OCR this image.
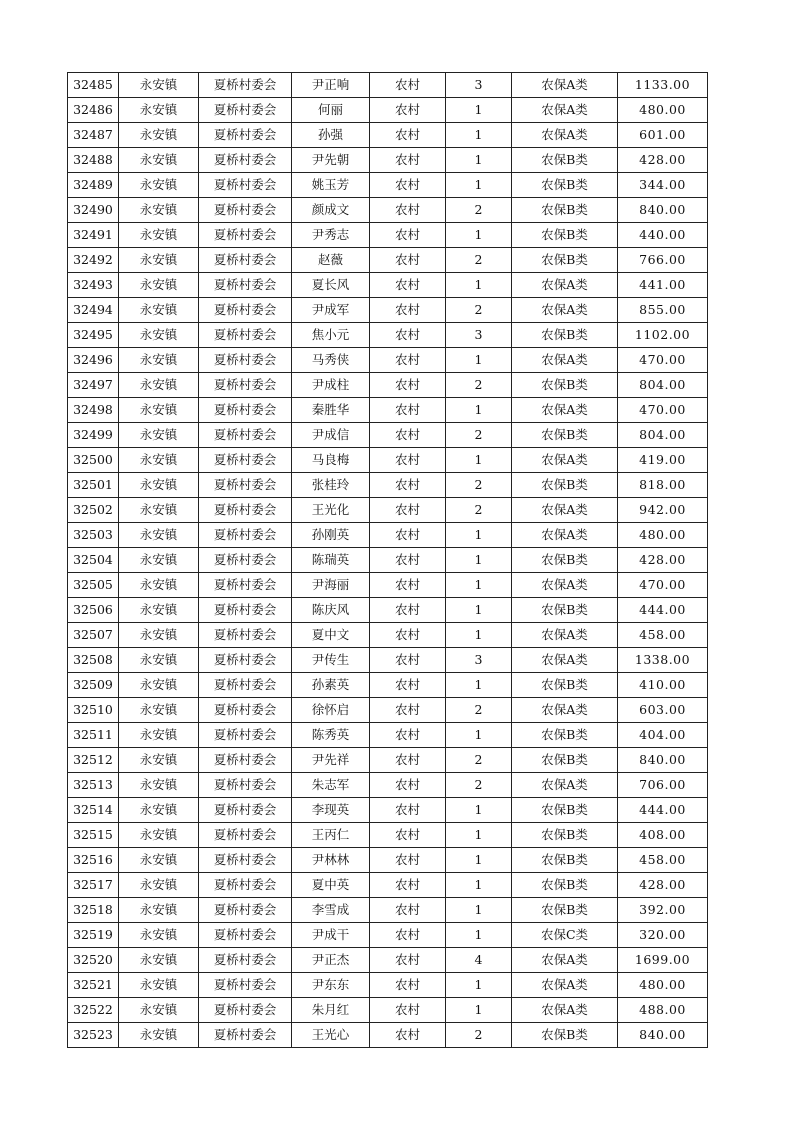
32485	永安镇	夏桥村委会	尹正响	农村	3	农保A类	1133.00
32486	永安镇	夏桥村委会	何丽	农村	1	农保A类	480.00
32487	永安镇	夏桥村委会	孙强	农村	1	农保A类	601.00
32488	永安镇	夏桥村委会	尹先朝	农村	1	农保B类	428.00
32489	永安镇	夏桥村委会	姚玉芳	农村	1	农保B类	344.00
32490	永安镇	夏桥村委会	颜成文	农村	2	农保B类	840.00
32491	永安镇	夏桥村委会	尹秀志	农村	1	农保B类	440.00
32492	永安镇	夏桥村委会	赵薇	农村	2	农保B类	766.00
32493	永安镇	夏桥村委会	夏长风	农村	1	农保A类	441.00
32494	永安镇	夏桥村委会	尹成军	农村	2	农保A类	855.00
32495	永安镇	夏桥村委会	焦小元	农村	3	农保B类	1102.00
32496	永安镇	夏桥村委会	马秀侠	农村	1	农保A类	470.00
32497	永安镇	夏桥村委会	尹成柱	农村	2	农保B类	804.00
32498	永安镇	夏桥村委会	秦胜华	农村	1	农保A类	470.00
32499	永安镇	夏桥村委会	尹成信	农村	2	农保B类	804.00
32500	永安镇	夏桥村委会	马良梅	农村	1	农保A类	419.00
32501	永安镇	夏桥村委会	张桂玲	农村	2	农保B类	818.00
32502	永安镇	夏桥村委会	王光化	农村	2	农保A类	942.00
32503	永安镇	夏桥村委会	孙刚英	农村	1	农保A类	480.00
32504	永安镇	夏桥村委会	陈瑞英	农村	1	农保B类	428.00
32505	永安镇	夏桥村委会	尹海丽	农村	1	农保A类	470.00
32506	永安镇	夏桥村委会	陈庆风	农村	1	农保B类	444.00
32507	永安镇	夏桥村委会	夏中文	农村	1	农保A类	458.00
32508	永安镇	夏桥村委会	尹传生	农村	3	农保A类	1338.00
32509	永安镇	夏桥村委会	孙素英	农村	1	农保B类	410.00
32510	永安镇	夏桥村委会	徐怀启	农村	2	农保A类	603.00
32511	永安镇	夏桥村委会	陈秀英	农村	1	农保B类	404.00
32512	永安镇	夏桥村委会	尹先祥	农村	2	农保B类	840.00
32513	永安镇	夏桥村委会	朱志军	农村	2	农保A类	706.00
32514	永安镇	夏桥村委会	李现英	农村	1	农保B类	444.00
32515	永安镇	夏桥村委会	王丙仁	农村	1	农保B类	408.00
32516	永安镇	夏桥村委会	尹林林	农村	1	农保B类	458.00
32517	永安镇	夏桥村委会	夏中英	农村	1	农保B类	428.00
32518	永安镇	夏桥村委会	李雪成	农村	1	农保B类	392.00
32519	永安镇	夏桥村委会	尹成干	农村	1	农保C类	320.00
32520	永安镇	夏桥村委会	尹正杰	农村	4	农保A类	1699.00
32521	永安镇	夏桥村委会	尹东东	农村	1	农保A类	480.00
32522	永安镇	夏桥村委会	朱月红	农村	1	农保A类	488.00
32523	永安镇	夏桥村委会	王光心	农村	2	农保B类	840.00
